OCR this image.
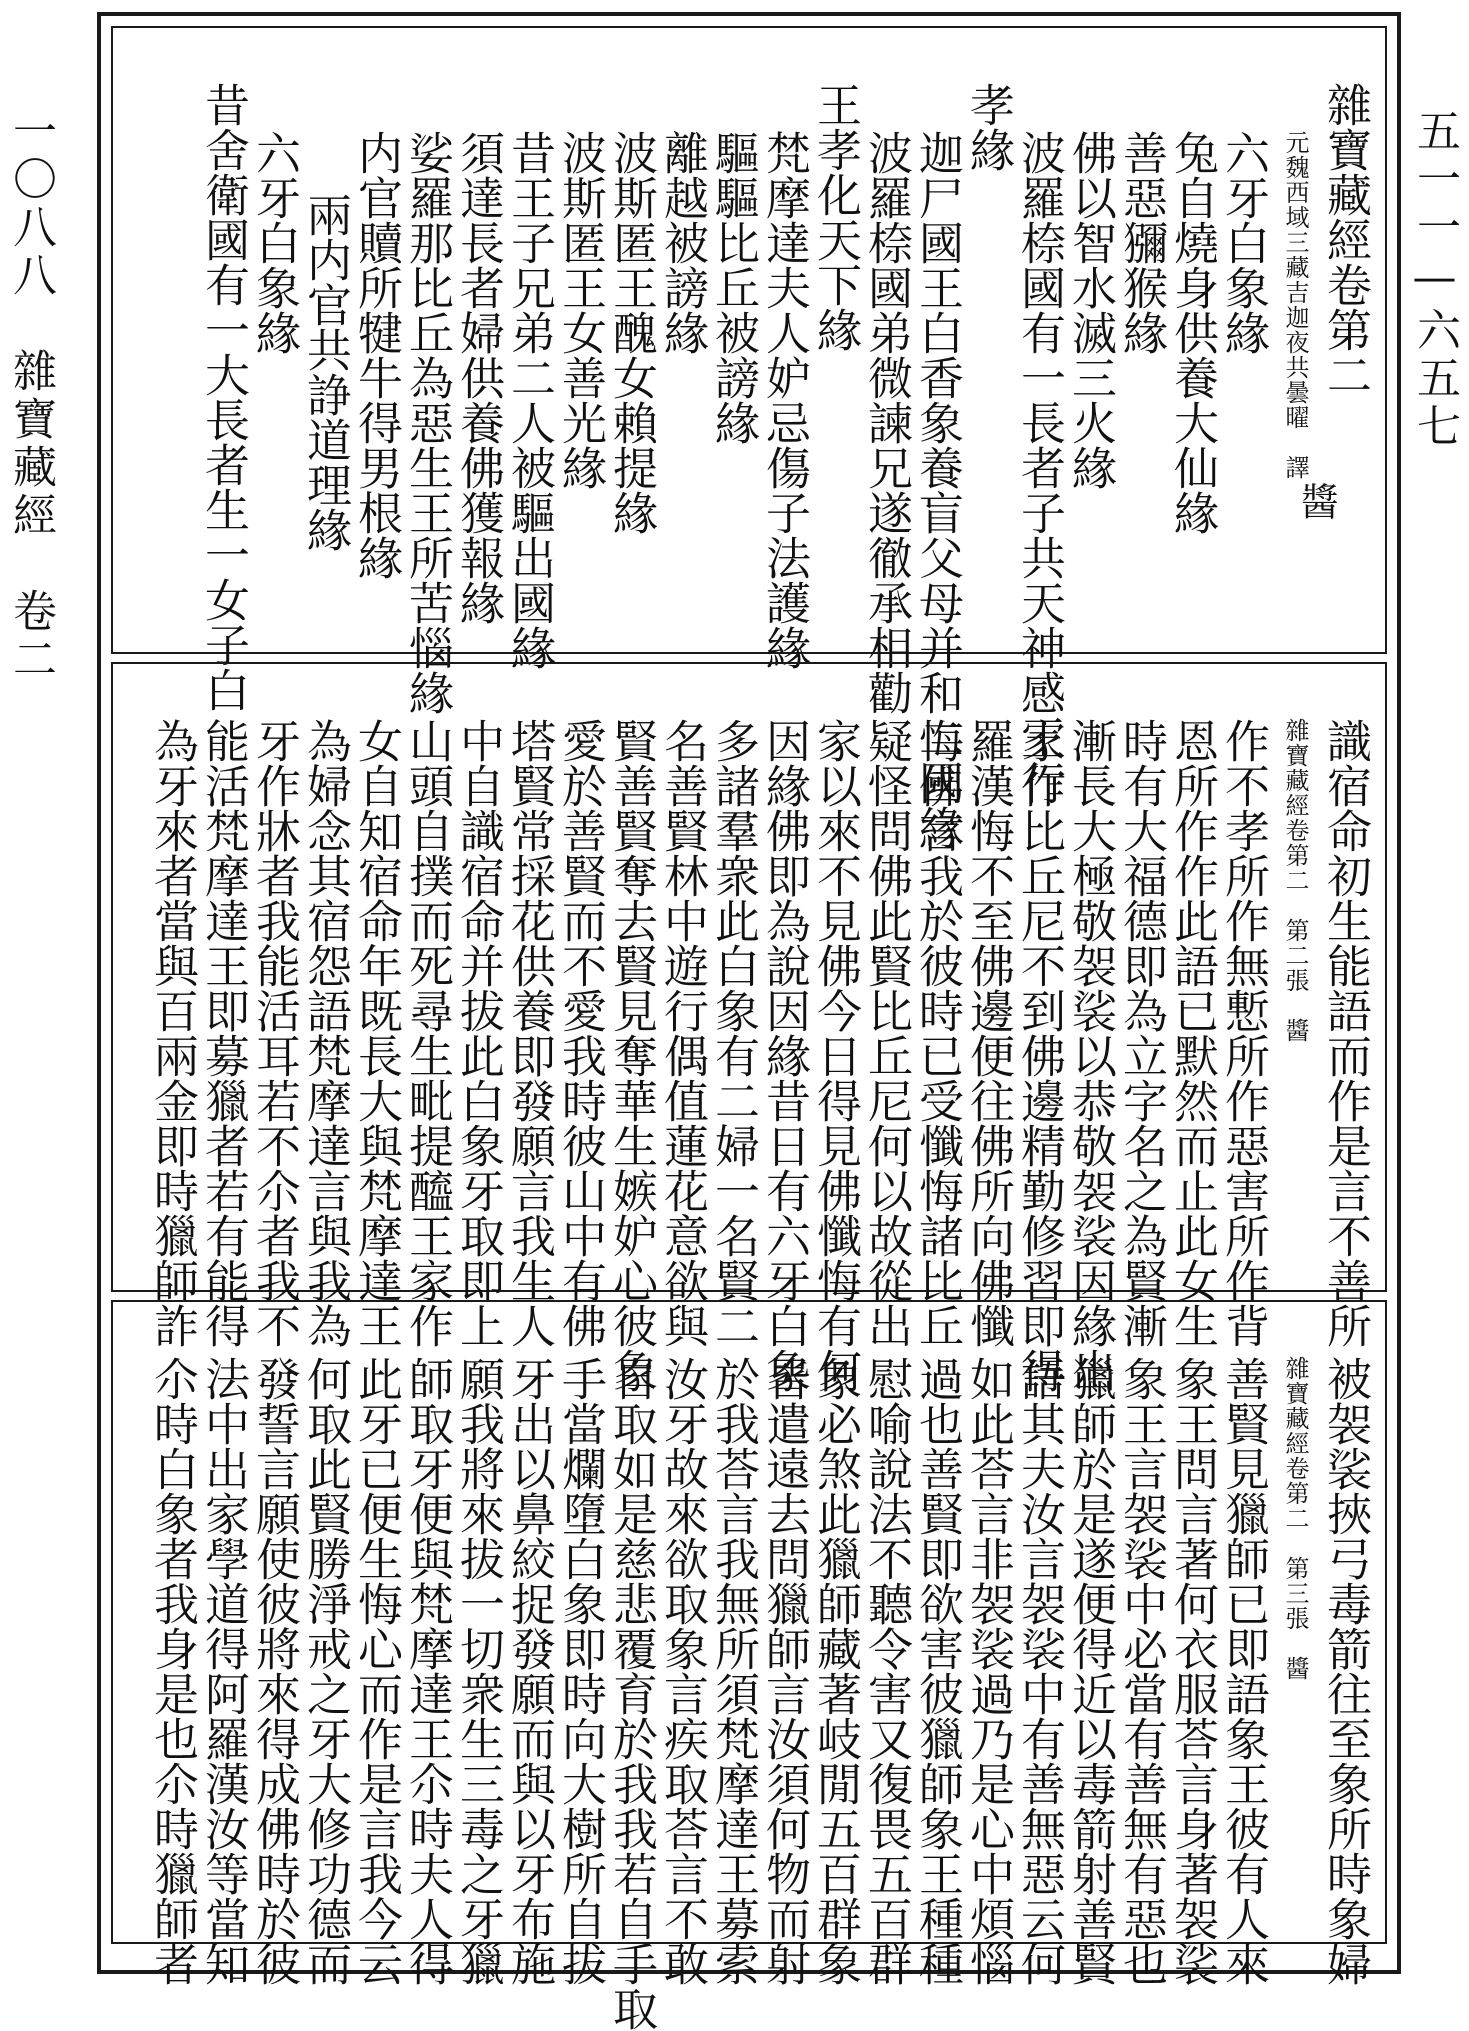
一〇八八　雜寶藏經　卷二	雜寶藏經卷第二
元魏西域三藏吉迦夜共曇曜　譯
六牙白象緣
兔自燒身供養大仙緣
善惡獼猴緣
佛以智水滅三火緣
波羅㮈國有一長者子共天神感王行
孝緣
迦尸國王白香象養盲父母并和二國緣
波羅㮈國弟微諫兄遂徹承相勸
王孝化天下緣
梵摩達夫人妒忌傷子法護緣
驅驅比丘被謗緣
離越被謗緣
波斯匿王醜女賴提緣
波斯匿王女善光緣
昔王子兄弟二人被驅出國緣
須達長者婦供養佛獲報緣
娑羅那比丘為惡生王所苦惱緣
内官贖所犍牛得男根緣
兩内官共諍道理緣
六牙白象緣
昔舍衛國有一大長者生一女子白	醬
識宿命初生能語而作是言不善所
雜寶藏經卷第二　第二張　醬
作不孝所作無慙所作惡害所作背
恩所作作此語已默然而止此女生
時有大福德即為立字名之為賢漸
漸長大極敬袈裟以恭敬袈裟因緣出
家作比丘尼不到佛邊精勤修習即得
羅漢悔不至佛邊便往佛所向佛懺
悔佛言我於彼時已受懺悔諸比丘
疑怪問佛此賢比丘尼何以故從出
家以來不見佛今日得見佛懺悔有何
因緣佛即為說因緣昔日有六牙白象
多諸羣衆此白象有二婦一名賢二
名善賢林中遊行偶值蓮花意欲與
賢善賢奪去賢見奪華生嫉妒心彼象
愛於善賢而不愛我時彼山中有佛
塔賢常採花供養即發願言我生人
中自識宿命并拔此白象牙取即上
山頭自撲而死尋生毗提醯王家作
女自知宿命年既長大與梵摩達王
為婦念其宿怨語梵摩達言與我為
牙作牀者我能活耳若不尒者我不
能活梵摩達王即募獵者若有能得
為牙來者當與百兩金即時獵師詐
被袈裟挾弓毒箭往至象所時象婦
雜寶藏經卷第二　第三張　醬
善賢見獵師已即語象王彼有人來
象王問言著何衣服荅言身著袈裟
象王言袈裟中必當有善無有惡也
獵師於是遂便得近以毒箭射善賢
語其夫汝言袈裟中有善無惡云何
如此荅言非袈裟過乃是心中煩惱
過也善賢即欲害彼獵師象王種種
慰喻說法不聽令害又復畏五百群
象必煞此獵師藏著岐閒五百群象
皆遣遠去問獵師言汝須何物而射
於我荅言我無所須梵摩達王募索
汝牙故來欲取象言疾取荅言不敢
自取如是慈悲覆育於我我若自手取
手當爛墮白象即時向大樹所自拔
牙出以鼻絞捉發願而與以牙布施
願我將來拔一切衆生三毒之牙獵
師取牙便與梵摩達王尒時夫人得
此牙已便生悔心而作是言我今云
何取此賢勝淨戒之牙大修功德而
發誓言願使彼將來得成佛時於彼
法中出家學道得阿羅漢汝等當知
尒時白象者我身是也尒時獵師者
五一一—六五七
